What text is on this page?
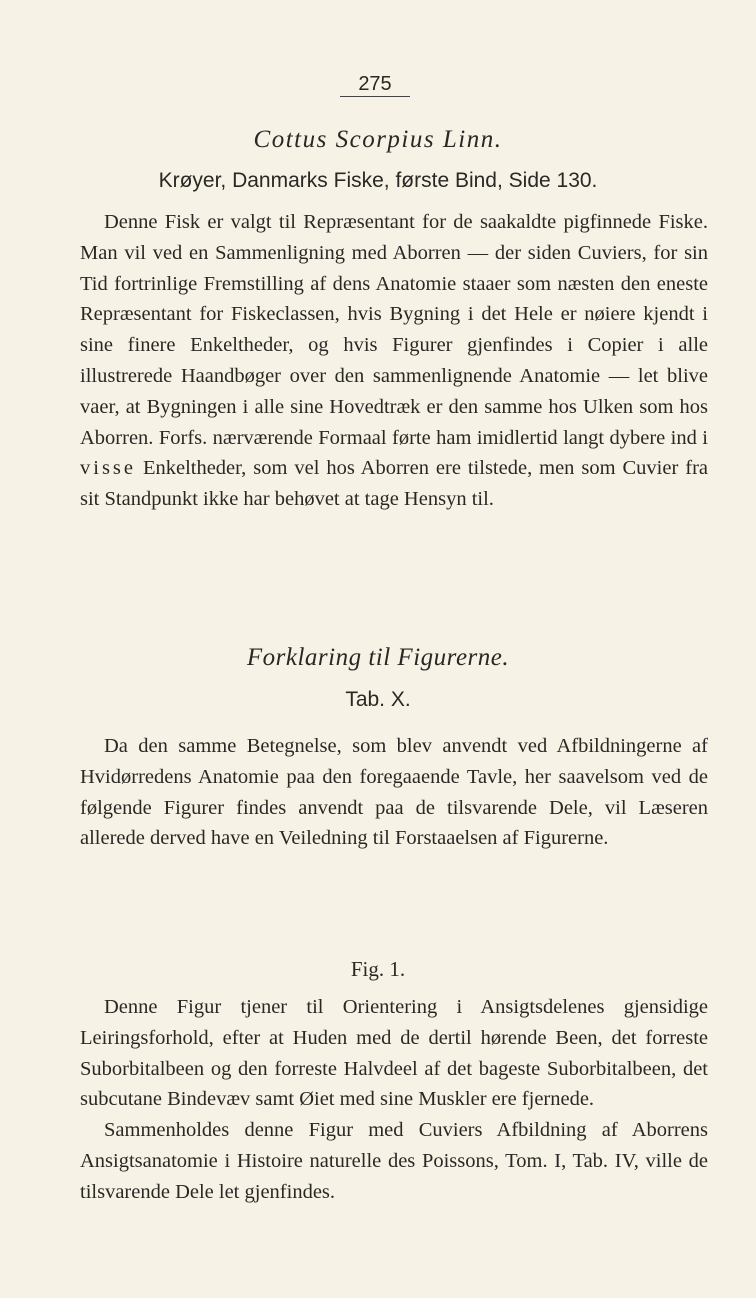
275
Cottus Scorpius Linn.
Krøyer, Danmarks Fiske, første Bind, Side 130.

Denne Fisk er valgt til Repræsentant for de saakaldte pigfinnede Fiske. Man vil ved en Sammenligning med Aborren — der siden Cuviers, for sin Tid fortrinlige Fremstilling af dens Anatomie staaer som næsten den eneste Repræsentant for Fiskeclassen, hvis Bygning i det Hele er nøiere kjendt i sine finere Enkeltheder, og hvis Figurer gjenfindes i Copier i alle illustrerede Haandbøger over den sammenlignende Anatomie — let blive vaer, at Bygningen i alle sine Hovedtræk er den samme hos Ulken som hos Aborren. Forfs. nærværende Formaal førte ham imidlertid langt dybere ind i visse Enkeltheder, som vel hos Aborren ere tilstede, men som Cuvier fra sit Standpunkt ikke har behøvet at tage Hensyn til.

Forklaring til Figurerne.
Tab. X.

Da den samme Betegnelse, som blev anvendt ved Afbildningerne af Hvidørredens Anatomie paa den foregaaende Tavle, her saavelsom ved de følgende Figurer findes anvendt paa de tilsvarende Dele, vil Læseren allerede derved have en Veiledning til Forstaaelsen af Figurerne.

Fig. 1.

Denne Figur tjener til Orientering i Ansigtsdelenes gjensidige Leiringsforhold, efter at Huden med de dertil hørende Been, det forreste Suborbitalbeen og den forreste Halvdeel af det bageste Suborbitalbeen, det subcutane Bindevæv samt Øiet med sine Muskler ere fjernede.

Sammenholdes denne Figur med Cuviers Afbildning af Aborrens Ansigtsanatomie i Histoire naturelle des Poissons, Tom. I, Tab. IV, ville de tilsvarende Dele let gjenfindes.
